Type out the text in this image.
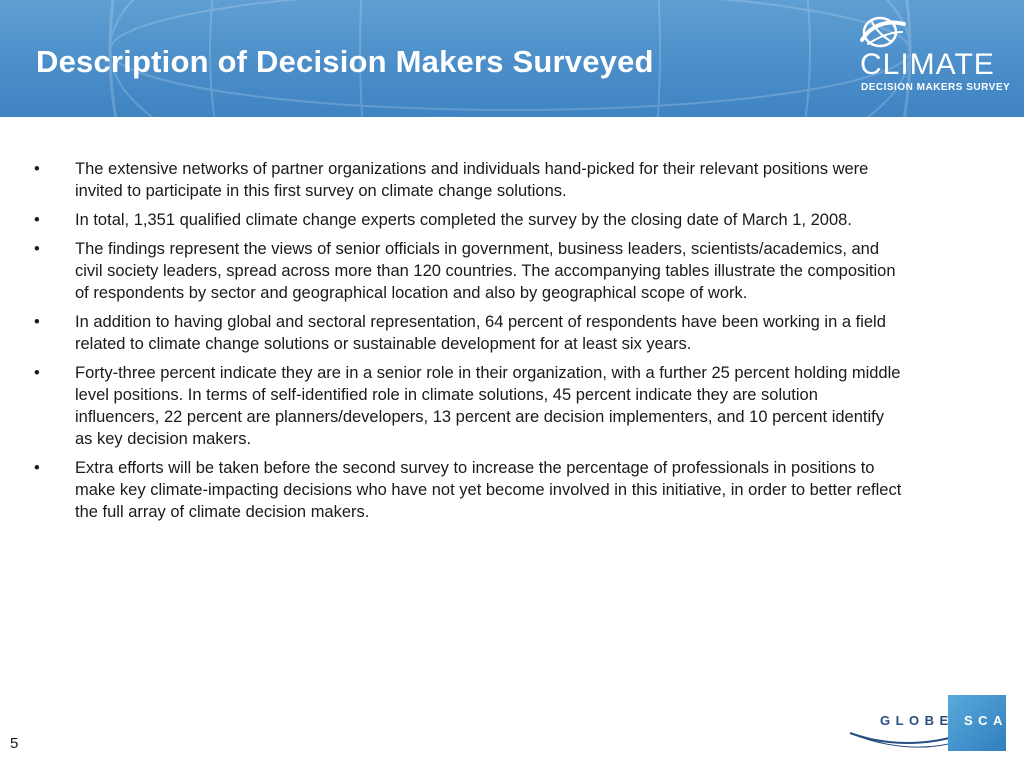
Description of Decision Makers Surveyed	CLIMATE
DECISION MAKERS SURVEY
•	The extensive networks of partner organizations and individuals hand-picked for their relevant positions were invited to participate in this first survey on climate change solutions.
•	In total, 1,351 qualified climate change experts completed the survey by the closing date of March 1, 2008.
•	The findings represent the views of senior officials in government, business leaders, scientists/academics, and civil society leaders, spread across more than 120 countries. The accompanying tables illustrate the composition of respondents by sector and geographical location and also by geographical scope of work.
•	In addition to having global and sectoral representation, 64 percent of respondents have been working in a field related to climate change solutions or sustainable development for at least six years.
•	Forty-three percent indicate they are in a senior role in their organization, with a further 25 percent holding middle level positions. In terms of self-identified role in climate solutions, 45 percent indicate they are solution influencers, 22 percent are planners/developers, 13 percent are decision implementers, and 10 percent identify as key decision makers.
•	Extra efforts will be taken before the second survey to increase the percentage of professionals in positions to make key climate-impacting decisions who have not yet become involved in this initiative, in order to better reflect the full array of climate decision makers.
5
GLOBE SCAN
